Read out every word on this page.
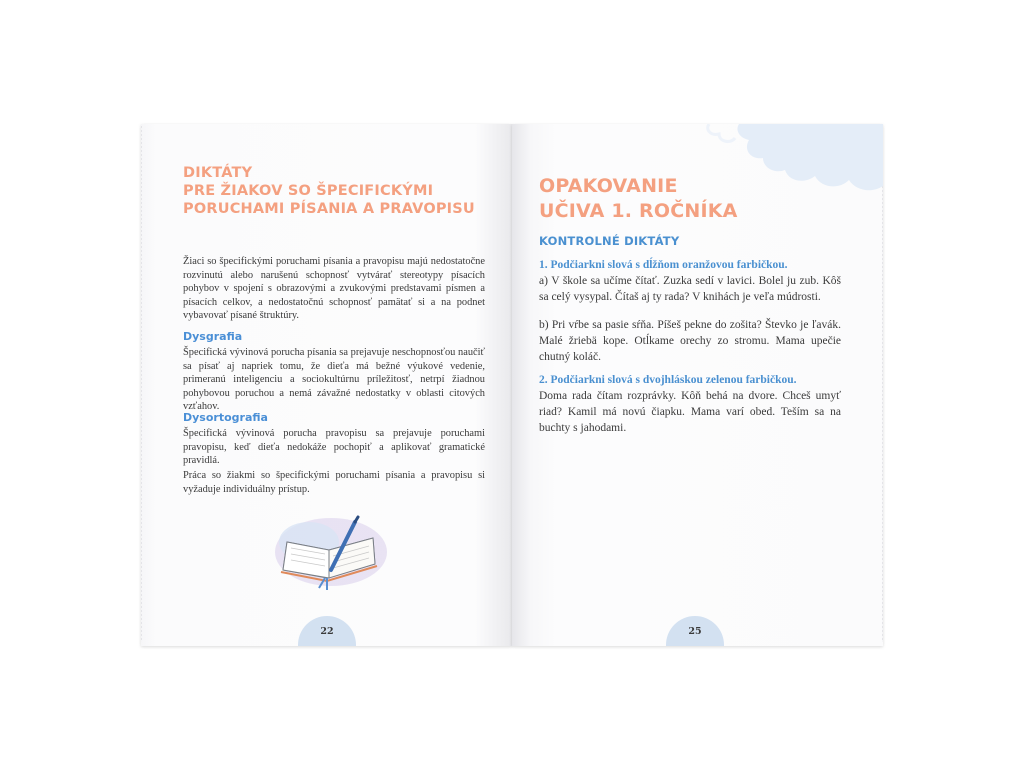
DIKTÁTY
PRE ŽIAKOV SO ŠPECIFICKÝMI
PORUCHAMI PÍSANIA A PRAVOPISU

Žiaci so špecifickými poruchami písania a pravopisu majú nedostatočne rozvinutú alebo narušenú schopnosť vytvárať stereotypy písacích pohybov v spojení s obrazovými a zvukovými predstavami písmen a písacích celkov, a nedostatočnú schopnosť pamätať si a na podnet vybavovať písané štruktúry.

Dysgrafia

Špecifická vývinová porucha písania sa prejavuje neschopnosťou naučiť sa písať aj napriek tomu, že dieťa má bežné výukové vedenie, primeranú inteligenciu a sociokultúrnu príležitosť, netrpí žiadnou pohybovou poruchou a nemá závažné nedostatky v oblasti citových vzťahov.

Dysortografia

Špecifická vývinová porucha pravopisu sa prejavuje poruchami pravopisu, keď dieťa nedokáže pochopiť a aplikovať gramatické pravidlá.

Práca so žiakmi so špecifickými poruchami písania a pravopisu si vyžaduje individuálny prístup.

22
OPAKOVANIE
UČIVA 1. ROČNÍKA
KONTROLNÉ DIKTÁTY
1. Podčiarkni slová s dĺžňom oranžovou farbičkou.

a) V škole sa učíme čítať. Zuzka sedí v lavici. Bolel ju zub. Kôš sa celý vysypal. Čítaš aj ty rada? V knihách je veľa múdrosti.

b) Pri vŕbe sa pasie sŕňa. Píšeš pekne do zošita? Števko je ľavák. Malé žriebä kope. Otĺkame orechy zo stromu. Mama upečie chutný koláč.

2. Podčiarkni slová s dvojhláskou zelenou farbičkou.

Doma rada čítam rozprávky. Kôň behá na dvore. Chceš umyť riad? Kamil má novú čiapku. Mama varí obed. Teším sa na buchty s jahodami.

25
